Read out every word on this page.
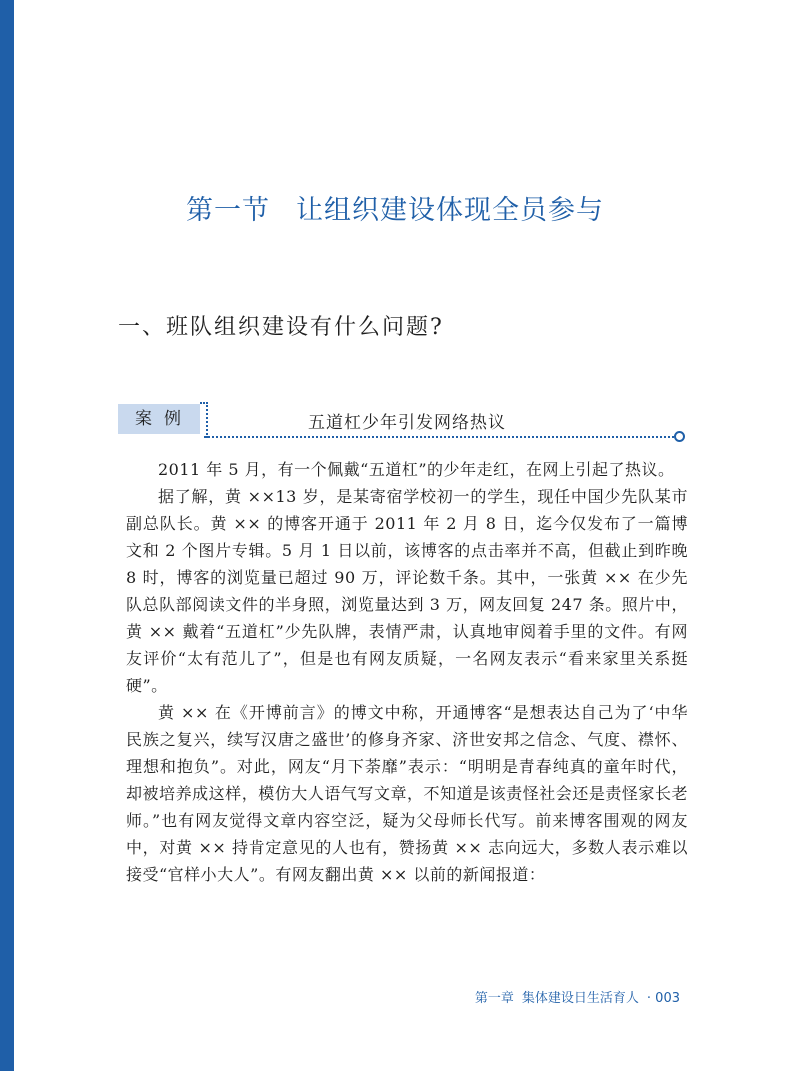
第一节 让组织建设体现全员参与
一、班队组织建设有什么问题?
案例	五道杠少年引发网络热议

2011 年 5 月，有一个佩戴“五道杠”的少年走红，在网上引起了热议。

据了解，黄 ××13 岁，是某寄宿学校初一的学生，现任中国少先队某市副总队长。黄 ×× 的博客开通于 2011 年 2 月 8 日，迄今仅发布了一篇博文和 2 个图片专辑。5 月 1 日以前，该博客的点击率并不高，但截止到昨晚 8 时，博客的浏览量已超过 90 万，评论数千条。其中，一张黄 ×× 在少先队总队部阅读文件的半身照，浏览量达到 3 万，网友回复 247 条。照片中，黄 ×× 戴着“五道杠”少先队牌，表情严肃，认真地审阅着手里的文件。有网友评价“太有范儿了”，但是也有网友质疑，一名网友表示“看来家里关系挺硬”。

黄 ×× 在《开博前言》的博文中称，开通博客“是想表达自己为了‘中华民族之复兴，续写汉唐之盛世’的修身齐家、济世安邦之信念、气度、襟怀、理想和抱负”。对此，网友“月下荼靡”表示：“明明是青春纯真的童年时代，却被培养成这样，模仿大人语气写文章，不知道是该责怪社会还是责怪家长老师。”也有网友觉得文章内容空泛，疑为父母师长代写。前来博客围观的网友中，对黄 ×× 持肯定意见的人也有，赞扬黄 ×× 志向远大，多数人表示难以接受“官样小大人”。有网友翻出黄 ×× 以前的新闻报道：

第一章 集体建设日生活育人 · 003
